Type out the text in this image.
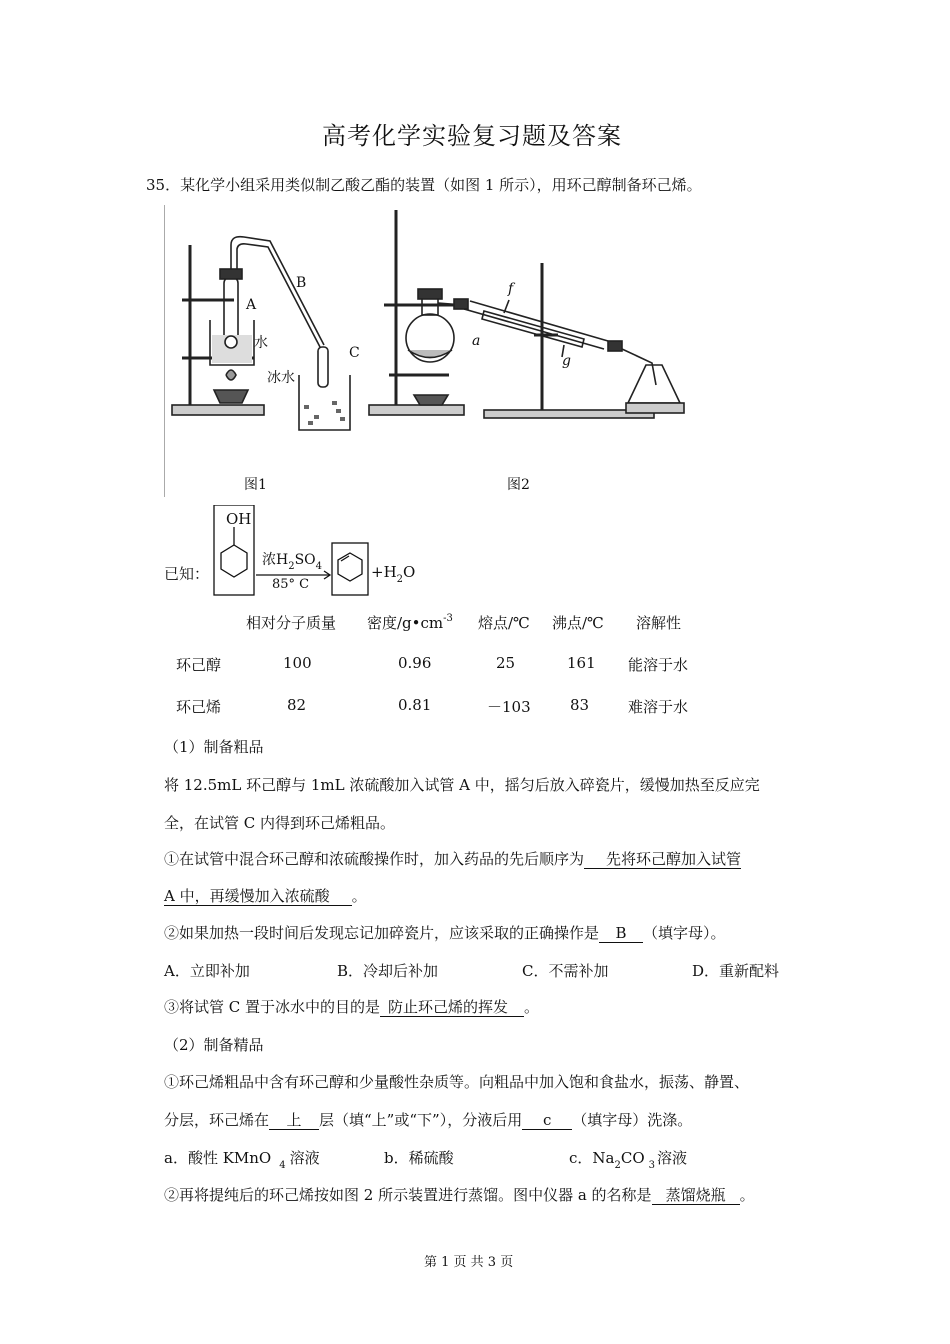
高考化学实验复习题及答案
35．某化学小组采用类似制乙酸乙酯的装置（如图 1 所示），用环己醇制备环己烯。
A
B
C
水
冰水
a
f
g
图1	图2
已知：
OH
浓$H_2SO_4$
85° C
$+H_2O$
相对分子质量 密度$/g•cm^{-3}$ 熔点/℃ 沸点/℃ 溶解性
环己醇	100	0.96	25	161 能溶于水
环己烯	82	0.81	－103	83	难溶于水
（1）制备粗品
将 12.5mL 环己醇与 1mL 浓硫酸加入试管 A 中，摇匀后放入碎瓷片，缓慢加热至反应完
全，在试管 C 内得到环己烯粗品。
①在试管中混合环己醇和浓硫酸操作时，加入药品的先后顺序为 先将环己醇加入试管
A 中，再缓慢加入浓硫酸 。
②如果加热一段时间后发现忘记加碎瓷片，应该采取的正确操作是 B （填字母）。
A．立即补加	B．冷却后补加	C．不需补加	D．重新配料
③将试管 C 置于冰水中的目的是 防止环己烯的挥发 。
（2）制备精品
①环己烯粗品中含有环己醇和少量酸性杂质等。向粗品中加入饱和食盐水，振荡、静置、
分层，环己烯在 上 层（填“上”或“下”），分液后用 c （填字母）洗涤。
a．酸性 KMnO $_4$ 溶液	b．稀硫酸	c．$Na_2CO$ $_3$ 溶液
②再将提纯后的环己烯按如图 2 所示装置进行蒸馏。图中仪器 a 的名称是 蒸馏烧瓶 。
第 1 页 共 3 页
